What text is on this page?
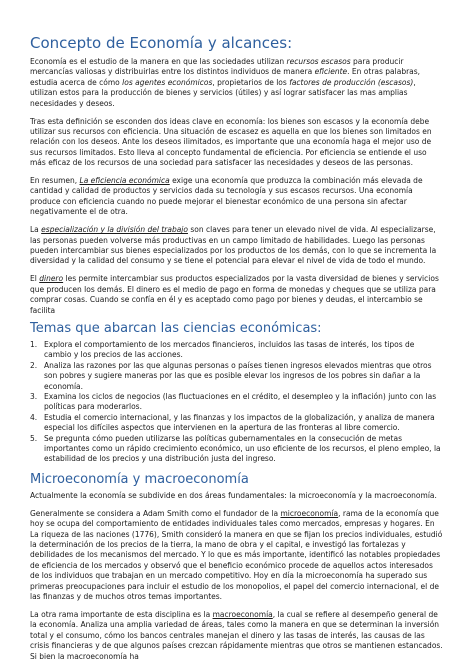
Concepto de Economía y alcances:

Economía es el estudio de la manera en que las sociedades utilizan recursos escasos para producir mercancías valiosas y distribuirlas entre los distintos individuos de manera eficiente. En otras palabras, estudia acerca de cómo los agentes económicos, propietarios de los factores de producción (escasos), utilizan estos para la producción de bienes y servicios (útiles) y así lograr satisfacer las mas amplias necesidades y deseos.

Tras esta definición se esconden dos ideas clave en economía: los bienes son escasos y la economía debe utilizar sus recursos con eficiencia. Una situación de escasez es aquella en que los bienes son limitados en relación con los deseos. Ante los deseos ilimitados, es importante que una economía haga el mejor uso de sus recursos limitados. Esto lleva al concepto fundamental de eficiencia. Por eficiencia se entiende el uso más eficaz de los recursos de una sociedad para satisfacer las necesidades y deseos de las personas.

En resumen, La eficiencia económica exige una economía que produzca la combinación más elevada de cantidad y calidad de productos y servicios dada su tecnología y sus escasos recursos. Una economía produce con eficiencia cuando no puede mejorar el bienestar económico de una persona sin afectar negativamente el de otra.

La especialización y la división del trabajo son claves para tener un elevado nivel de vida. Al especializarse, las personas pueden volverse más productivas en un campo limitado de habilidades. Luego las personas pueden intercambiar sus bienes especializados por los productos de los demás, con lo que se incrementa la diversidad y la calidad del consumo y se tiene el potencial para elevar el nivel de vida de todo el mundo.

El dinero les permite intercambiar sus productos especializados por la vasta diversidad de bienes y servicios que producen los demás. El dinero es el medio de pago en forma de monedas y cheques que se utiliza para comprar cosas. Cuando se confía en él y es aceptado como pago por bienes y deudas, el intercambio se facilita

Temas que abarcan las ciencias económicas:
1. Explora el comportamiento de los mercados financieros, incluidos las tasas de interés, los tipos de cambio y los precios de las acciones.
2. Analiza las razones por las que algunas personas o países tienen ingresos elevados mientras que otros son pobres y sugiere maneras por las que es posible elevar los ingresos de los pobres sin dañar a la economía.
3. Examina los ciclos de negocios (las fluctuaciones en el crédito, el desempleo y la inflación) junto con las políticas para moderarlos.
4. Estudia el comercio internacional, y las finanzas y los impactos de la globalización, y analiza de manera especial los difíciles aspectos que intervienen en la apertura de las fronteras al libre comercio.
5. Se pregunta cómo pueden utilizarse las políticas gubernamentales en la consecución de metas importantes como un rápido crecimiento económico, un uso eficiente de los recursos, el pleno empleo, la estabilidad de los precios y una distribución justa del ingreso.
Microeconomía y macroeconomía

Actualmente la economía se subdivide en dos áreas fundamentales: la microeconomía y la macroeconomía.

Generalmente se considera a Adam Smith como el fundador de la microeconomía, rama de la economía que hoy se ocupa del comportamiento de entidades individuales tales como mercados, empresas y hogares. En La riqueza de las naciones (1776), Smith consideró la manera en que se fijan los precios individuales, estudió la determinación de los precios de la tierra, la mano de obra y el capital, e investigó las fortalezas y debilidades de los mecanismos del mercado. Y lo que es más importante, identificó las notables propiedades de eficiencia de los mercados y observó que el beneficio económico procede de aquellos actos interesados de los individuos que trabajan en un mercado competitivo. Hoy en día la microeconomía ha superado sus primeras preocupaciones para incluir el estudio de los monopolios, el papel del comercio internacional, el de las finanzas y de muchos otros temas importantes.

La otra rama importante de esta disciplina es la macroeconomía, la cual se refiere al desempeño general de la economía. Analiza una amplia variedad de áreas, tales como la manera en que se determinan la inversión total y el consumo, cómo los bancos centrales manejan el dinero y las tasas de interés, las causas de las crisis financieras y de que algunos países crezcan rápidamente mientras que otros se mantienen estancados. Si bien la macroeconomía ha
